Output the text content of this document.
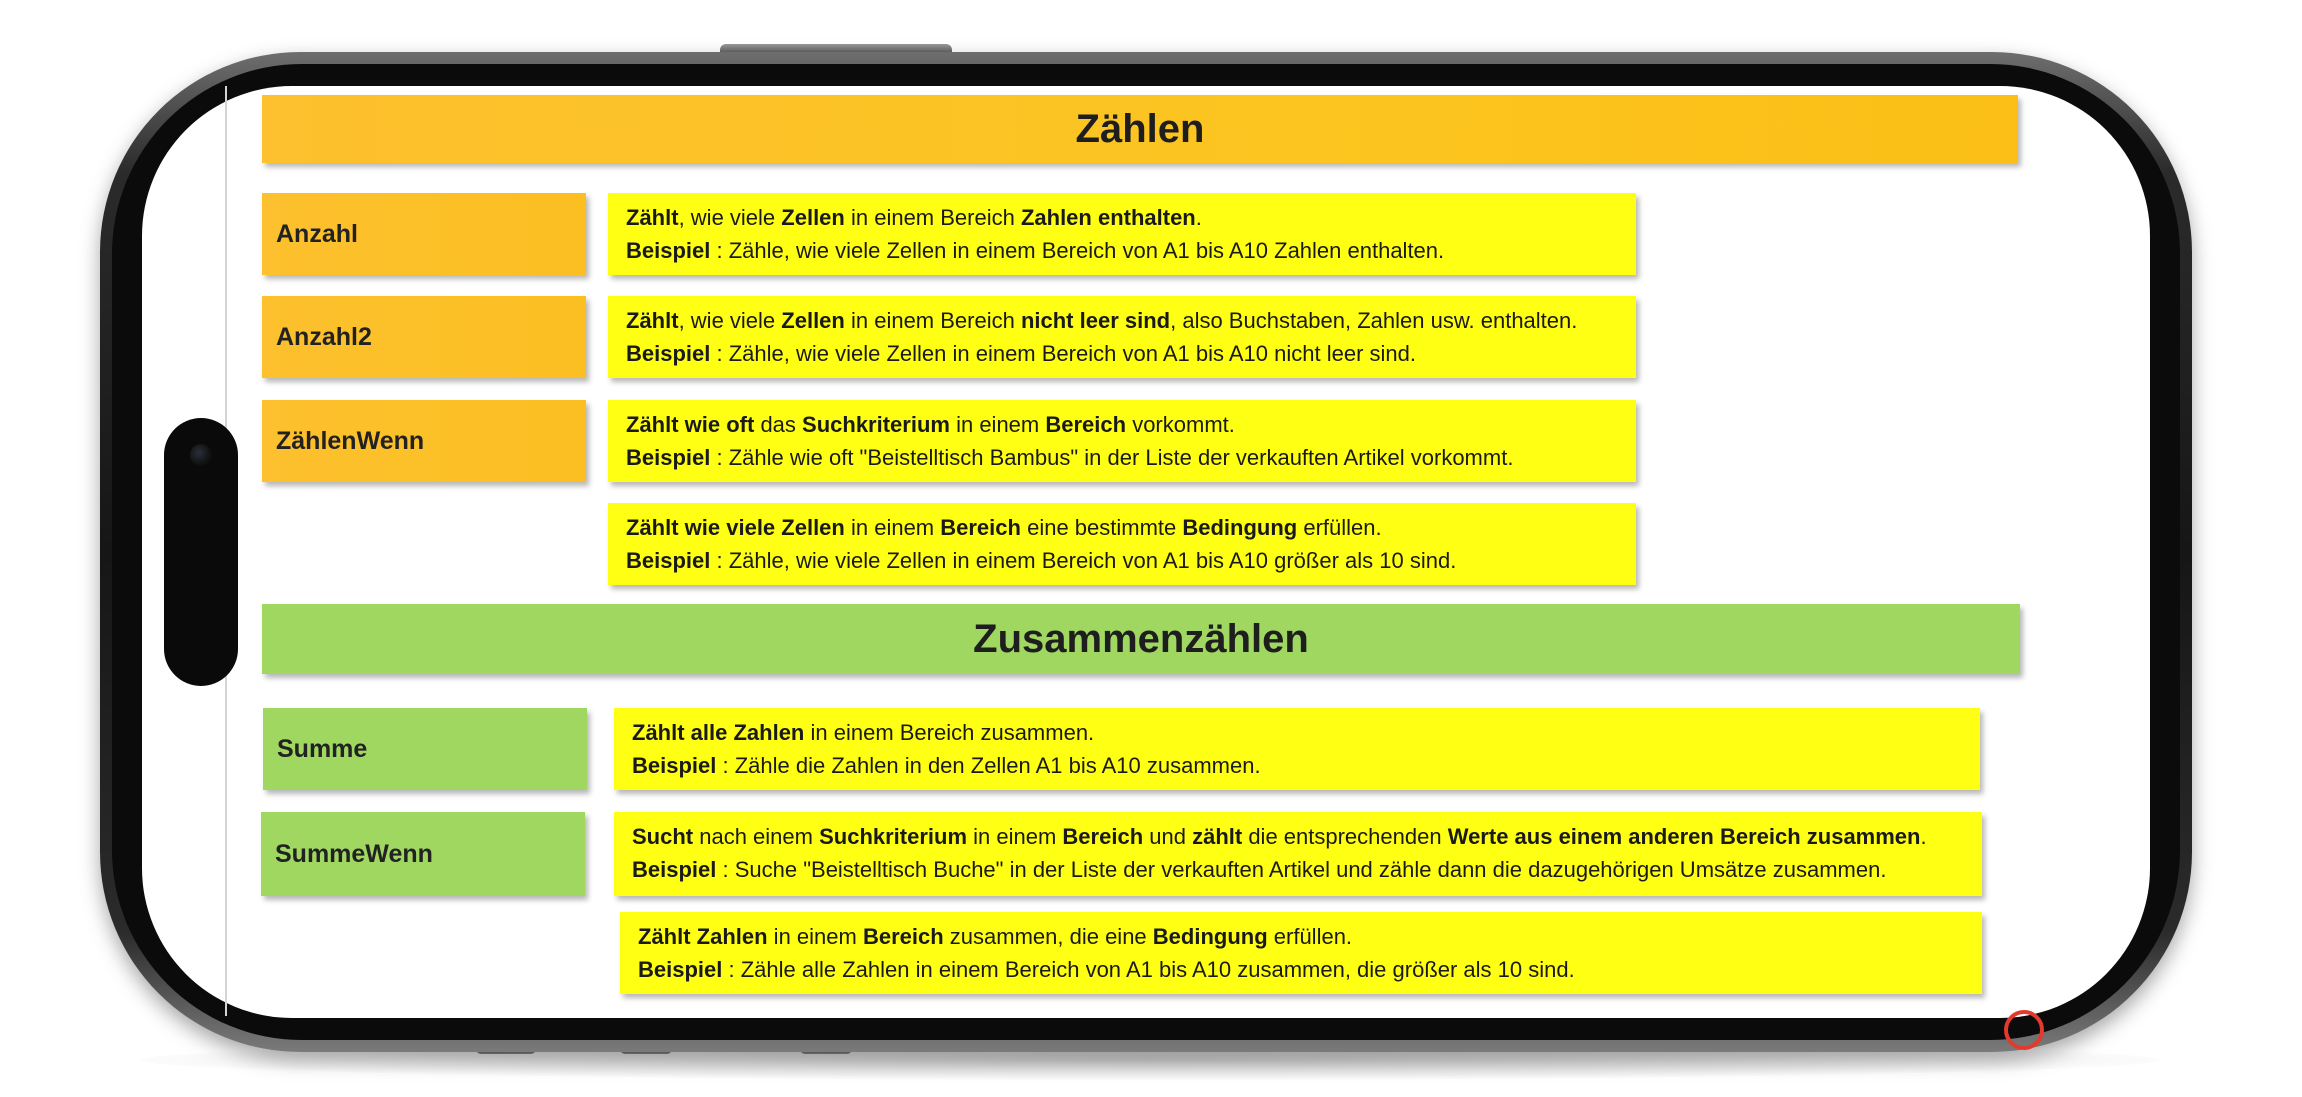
Zählen
Anzahl
Zählt, wie viele Zellen in einem Bereich Zahlen enthalten.
Beispiel : Zähle, wie viele Zellen in einem Bereich von A1 bis A10 Zahlen enthalten.
Anzahl2
Zählt, wie viele Zellen in einem Bereich nicht leer sind, also Buchstaben, Zahlen usw. enthalten.
Beispiel : Zähle, wie viele Zellen in einem Bereich von A1 bis A10 nicht leer sind.
ZählenWenn
Zählt wie oft das Suchkriterium in einem Bereich vorkommt.
Beispiel : Zähle wie oft "Beistelltisch Bambus" in der Liste der verkauften Artikel vorkommt.
Zählt wie viele Zellen in einem Bereich eine bestimmte Bedingung erfüllen.
Beispiel : Zähle, wie viele Zellen in einem Bereich von A1 bis A10 größer als 10 sind.
Zusammenzählen
Summe
Zählt alle Zahlen in einem Bereich zusammen.
Beispiel : Zähle die Zahlen in den Zellen A1 bis A10 zusammen.
SummeWenn
Sucht nach einem Suchkriterium in einem Bereich und zählt die entsprechenden Werte aus einem anderen Bereich zusammen.
Beispiel : Suche "Beistelltisch Buche" in der Liste der verkauften Artikel und zähle dann die dazugehörigen Umsätze zusammen.
Zählt Zahlen in einem Bereich zusammen, die eine Bedingung erfüllen.
Beispiel : Zähle alle Zahlen in einem Bereich von A1 bis A10 zusammen, die größer als 10 sind.
